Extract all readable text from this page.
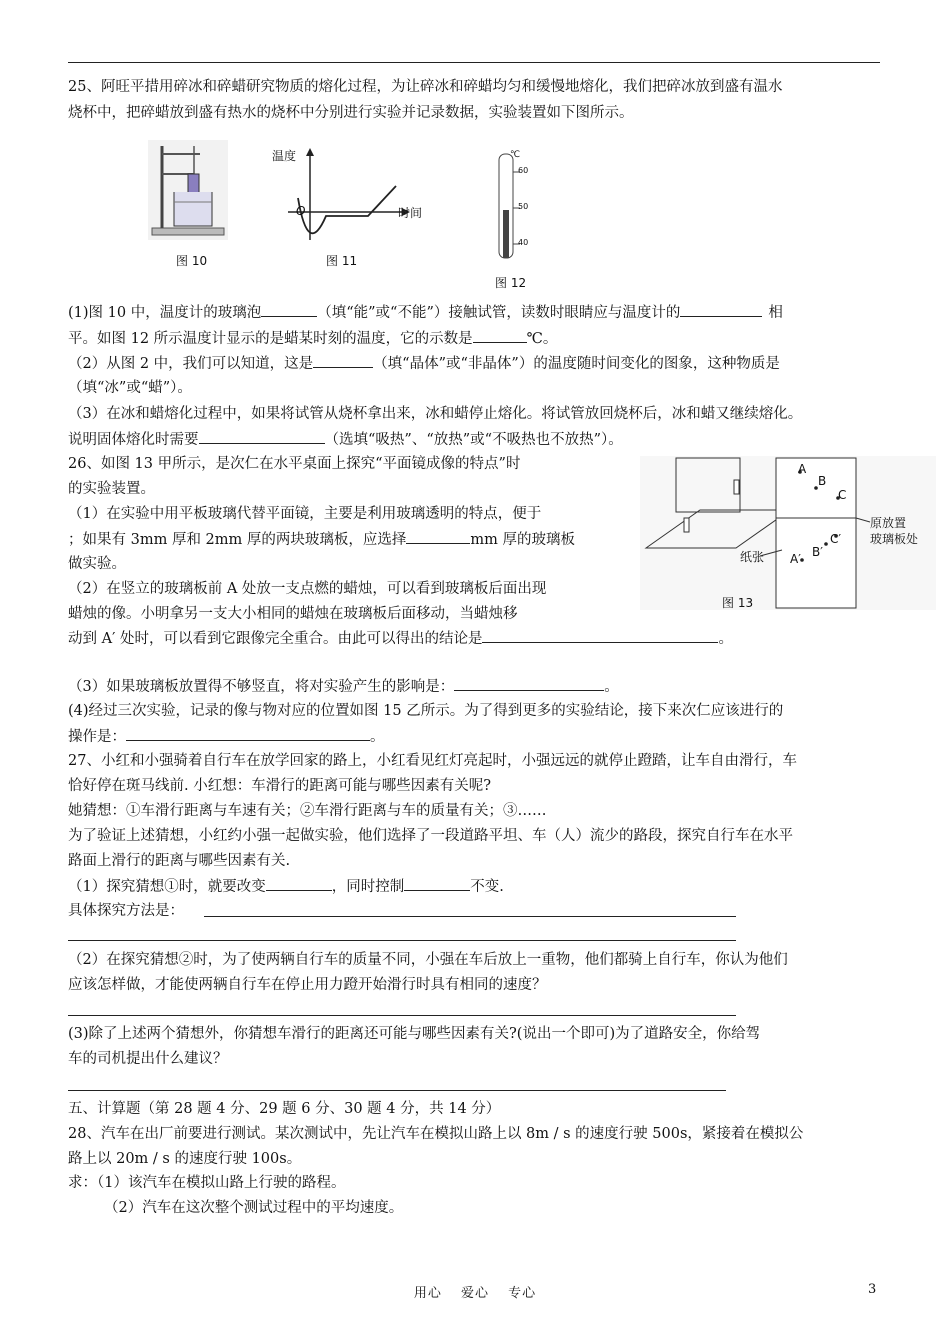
25、阿旺平措用碎冰和碎蜡研究物质的熔化过程，为让碎冰和碎蜡均匀和缓慢地熔化，我们把碎冰放到盛有温水
烧杯中，把碎蜡放到盛有热水的烧杯中分别进行实验并记录数据，实验装置如下图所示。
图 10
温度
时间
O
图 11
℃
60
50
40
图 12
(1)图 10 中，温度计的玻璃泡	（填“能”或“不能”）接触试管，读数时眼睛应与温度计的	相
平。如图 12 所示温度计显示的是蜡某时刻的温度，它的示数是	℃。
（2）从图 2 中，我们可以知道，这是	（填“晶体”或“非晶体”）的温度随时间变化的图象，这种物质是
（填“冰”或“蜡”）。
（3）在冰和蜡熔化过程中，如果将试管从烧杯拿出来，冰和蜡停止熔化。将试管放回烧杯后，冰和蜡又继续熔化。
说明固体熔化时需要	（选填“吸热”、“放热”或“不吸热也不放热”）。
26、如图 13 甲所示，是次仁在水平桌面上探究“平面镜成像的特点”时
的实验装置。
（1）在实验中用平板玻璃代替平面镜，主要是利用玻璃透明的特点，便于
；如果有 3mm 厚和 2mm 厚的两块玻璃板，应选择	mm 厚的玻璃板
做实验。
（2）在竖立的玻璃板前 A 处放一支点燃的蜡烛，可以看到玻璃板后面出现
蜡烛的像。小明拿另一支大小相同的蜡烛在玻璃板后面移动，当蜡烛移
动到 A′ 处时，可以看到它跟像完全重合。由此可以得出的结论是	。
A
B
C
A′ B′
C′
纸张
原放置
玻璃板处
图 13
（3）如果玻璃板放置得不够竖直，将对实验产生的影响是：	。
(4)经过三次实验，记录的像与物对应的位置如图 15 乙所示。为了得到更多的实验结论，接下来次仁应该进行的
操作是：	。
27、小红和小强骑着自行车在放学回家的路上，小红看见红灯亮起时，小强远远的就停止蹬踏，让车自由滑行，车
恰好停在斑马线前. 小红想：车滑行的距离可能与哪些因素有关呢?
她猜想：①车滑行距离与车速有关；②车滑行距离与车的质量有关；③……
为了验证上述猜想，小红约小强一起做实验，他们选择了一段道路平坦、车（人）流少的路段，探究自行车在水平
路面上滑行的距离与哪些因素有关.
（1）探究猜想①时，就要改变	，同时控制	不变.
具体探究方法是：
（2）在探究猜想②时，为了使两辆自行车的质量不同，小强在车后放上一重物，他们都骑上自行车，你认为他们
应该怎样做，才能使两辆自行车在停止用力蹬开始滑行时具有相同的速度？
(3)除了上述两个猜想外，你猜想车滑行的距离还可能与哪些因素有关?(说出一个即可)为了道路安全，你给驾
车的司机提出什么建议？
五、计算题（第 28 题 4 分、29 题 6 分、30 题 4 分，共 14 分）
28、汽车在出厂前要进行测试。某次测试中，先让汽车在模拟山路上以 8m / s 的速度行驶 500s，紧接着在模拟公
路上以 20m / s 的速度行驶 100s。
求：（1）该汽车在模拟山路上行驶的路程。
（2）汽车在这次整个测试过程中的平均速度。
用心　 爱心　 专心	3
